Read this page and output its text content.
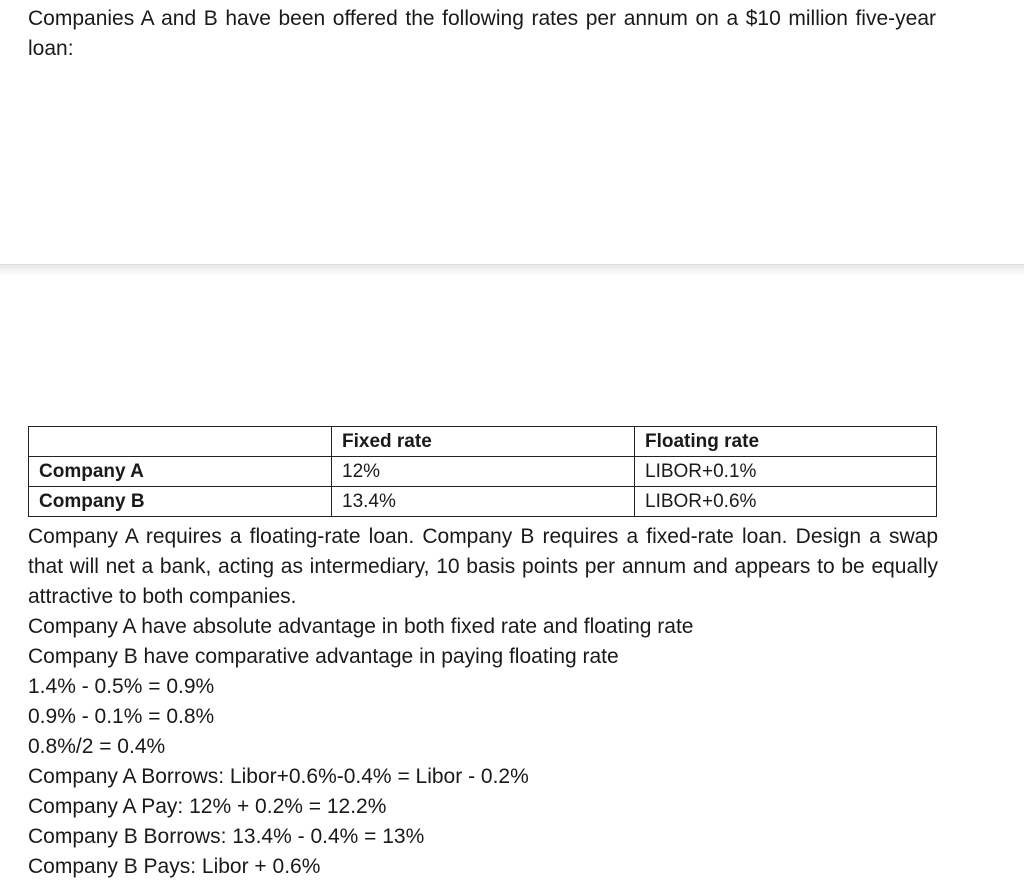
Companies A and B have been offered the following rates per annum on a $10 million five-year loan:

	Fixed rate	Floating rate
Company A	12%	LIBOR+0.1%
Company B	13.4%	LIBOR+0.6%

Company A requires a floating-rate loan. Company B requires a fixed-rate loan. Design a swap that will net a bank, acting as intermediary, 10 basis points per annum and appears to be equally attractive to both companies.

Company A have absolute advantage in both fixed rate and floating rate

Company B have comparative advantage in paying floating rate

1.4% - 0.5% = 0.9%

0.9% - 0.1% = 0.8%

0.8%/2 = 0.4%

Company A Borrows: Libor+0.6%-0.4% = Libor - 0.2%

Company A Pay: 12% + 0.2% = 12.2%

Company B Borrows: 13.4% - 0.4% = 13%

Company B Pays: Libor + 0.6%
